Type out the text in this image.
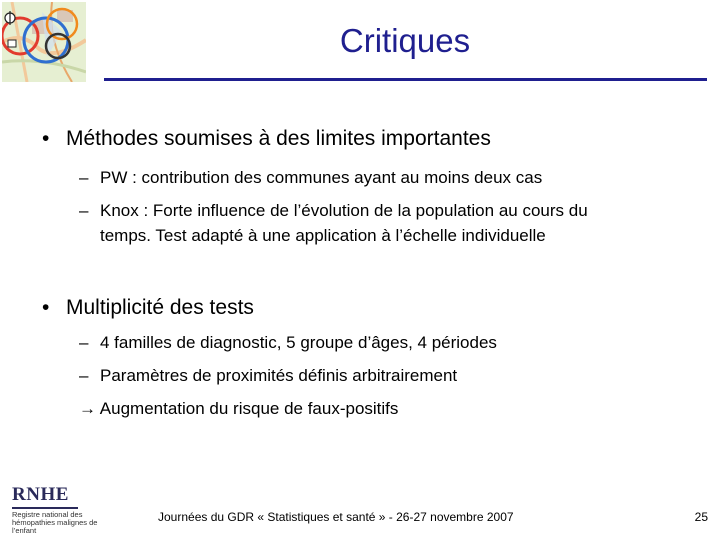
Critiques
• Méthodes soumises à des limites importantes
– PW : contribution des communes ayant au moins deux cas
– Knox : Forte influence de l’évolution de la population au cours du
temps. Test adapté à une application à l’échelle individuelle
• Multiplicité des tests
– 4 familles de diagnostic, 5 groupe d’âges, 4 périodes
– Paramètres de proximités définis arbitrairement
→ Augmentation du risque de faux-positifs
RNHE
Registre national des hémopathies malignes de l’enfant
Journées du GDR « Statistiques et santé » - 26-27 novembre 2007	25
